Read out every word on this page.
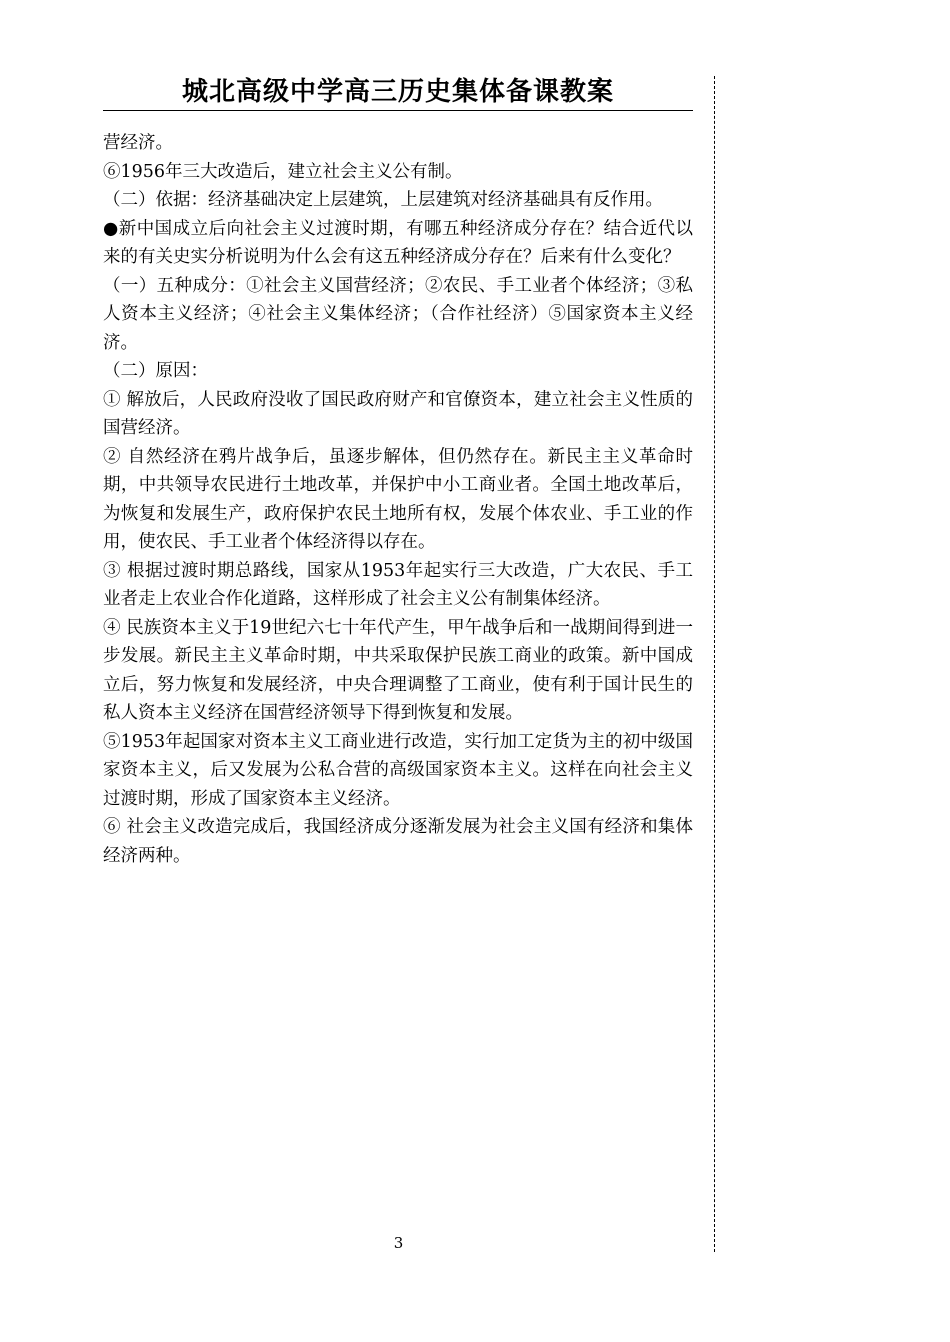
城北高级中学高三历史集体备课教案

营经济。

⑥1956年三大改造后，建立社会主义公有制。

（二）依据：经济基础决定上层建筑，上层建筑对经济基础具有反作用。

●新中国成立后向社会主义过渡时期，有哪五种经济成分存在？结合近代以来的有关史实分析说明为什么会有这五种经济成分存在？后来有什么变化？

（一）五种成分：①社会主义国营经济；②农民、手工业者个体经济；③私人资本主义经济；④社会主义集体经济；（合作社经济）⑤国家资本主义经济。

（二）原因：

① 解放后，人民政府没收了国民政府财产和官僚资本，建立社会主义性质的国营经济。

② 自然经济在鸦片战争后，虽逐步解体，但仍然存在。新民主主义革命时期，中共领导农民进行土地改革，并保护中小工商业者。全国土地改革后，为恢复和发展生产，政府保护农民土地所有权，发展个体农业、手工业的作用，使农民、手工业者个体经济得以存在。

③ 根据过渡时期总路线，国家从1953年起实行三大改造，广大农民、手工业者走上农业合作化道路，这样形成了社会主义公有制集体经济。

④ 民族资本主义于19世纪六七十年代产生，甲午战争后和一战期间得到进一步发展。新民主主义革命时期，中共采取保护民族工商业的政策。新中国成立后，努力恢复和发展经济，中央合理调整了工商业，使有利于国计民生的私人资本主义经济在国营经济领导下得到恢复和发展。

⑤1953年起国家对资本主义工商业进行改造，实行加工定货为主的初中级国家资本主义，后又发展为公私合营的高级国家资本主义。这样在向社会主义过渡时期，形成了国家资本主义经济。

⑥ 社会主义改造完成后，我国经济成分逐渐发展为社会主义国有经济和集体经济两种。

3
